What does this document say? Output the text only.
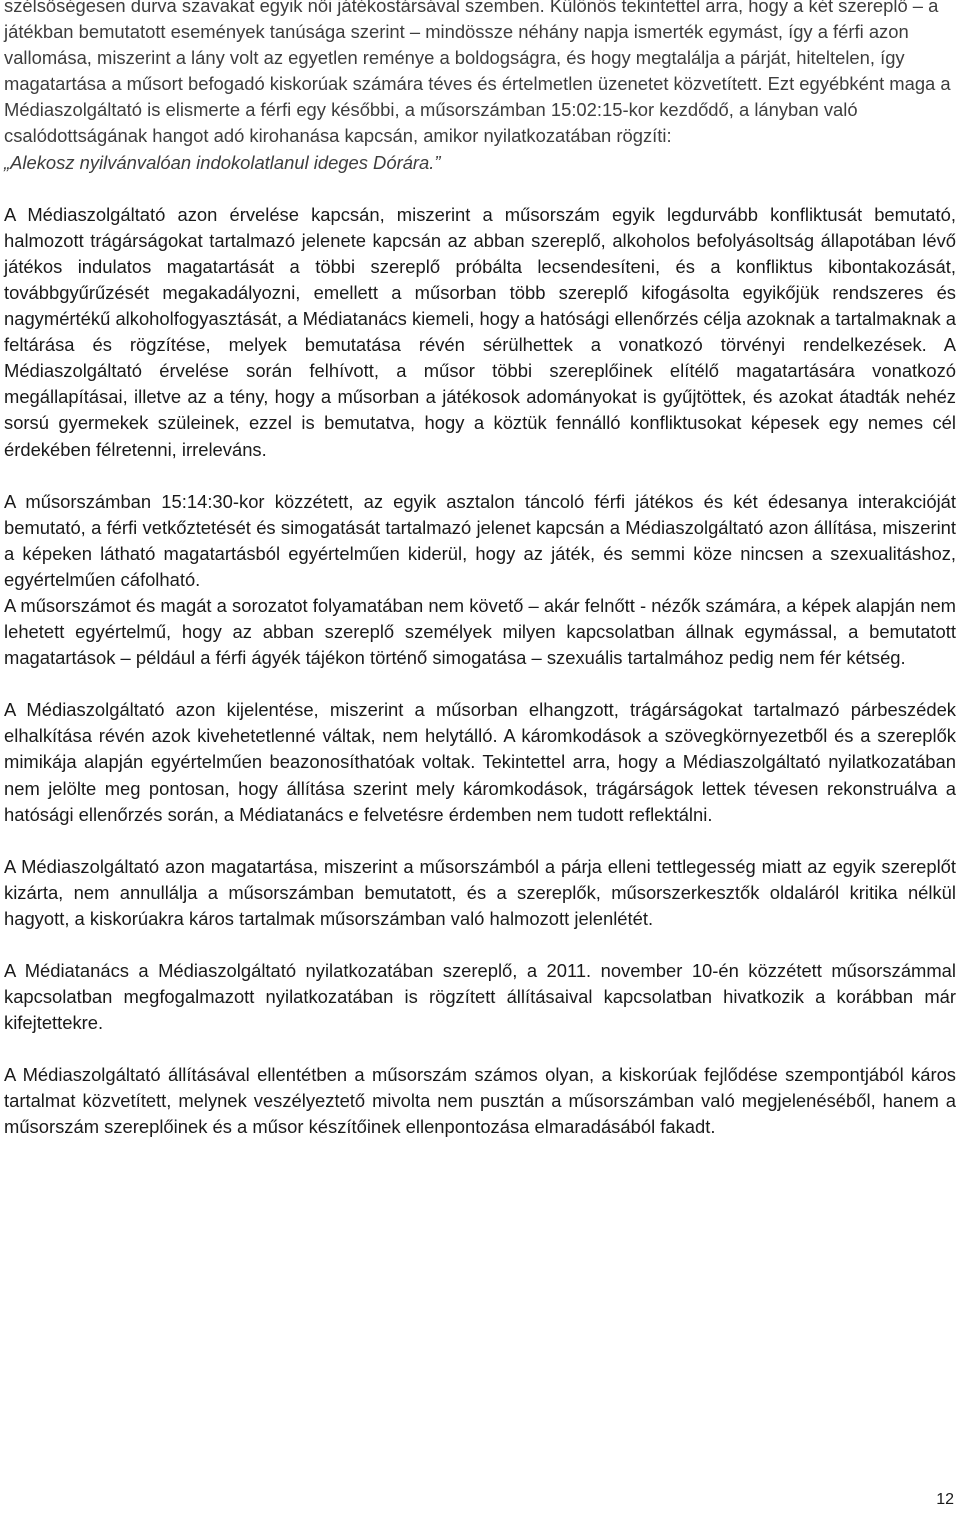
szélsőségesen durva szavakat egyik női játékostársával szemben. Különös tekintettel arra, hogy a két szereplő – a játékban bemutatott események tanúsága szerint – mindössze néhány napja ismerték egymást, így a férfi azon vallomása, miszerint a lány volt az egyetlen reménye a boldogságra, és hogy megtalálja a párját, hiteltelen, így magatartása a műsort befogadó kiskorúak számára téves és értelmetlen üzenetet közvetített. Ezt egyébként maga a Médiaszolgáltató is elismerte a férfi egy későbbi, a műsorszámban 15:02:15-kor kezdődő, a lányban való csalódottságának hangot adó kirohanása kapcsán, amikor nyilatkozatában rögzíti:

„Alekosz nyilvánvalóan indokolatlanul ideges Dórára.”

A Médiaszolgáltató azon érvelése kapcsán, miszerint a műsorszám egyik legdurvább konfliktusát bemutató, halmozott trágárságokat tartalmazó jelenete kapcsán az abban szereplő, alkoholos befolyásoltság állapotában lévő játékos indulatos magatartását a többi szereplő próbálta lecsendesíteni, és a konfliktus kibontakozását, továbbgyűrűzését megakadályozni, emellett a műsorban több szereplő kifogásolta egyikőjük rendszeres és nagymértékű alkoholfogyasztását, a Médiatanács kiemeli, hogy a hatósági ellenőrzés célja azoknak a tartalmaknak a feltárása és rögzítése, melyek bemutatása révén sérülhettek a vonatkozó törvényi rendelkezések. A Médiaszolgáltató érvelése során felhívott, a műsor többi szereplőinek elítélő magatartására vonatkozó megállapításai, illetve az a tény, hogy a műsorban a játékosok adományokat is gyűjtöttek, és azokat átadták nehéz sorsú gyermekek szüleinek, ezzel is bemutatva, hogy a köztük fennálló konfliktusokat képesek egy nemes cél érdekében félretenni, irreleváns.

A műsorszámban 15:14:30-kor közzétett, az egyik asztalon táncoló férfi játékos és két édesanya interakcióját bemutató, a férfi vetkőztetését és simogatását tartalmazó jelenet kapcsán a Médiaszolgáltató azon állítása, miszerint a képeken látható magatartásból egyértelműen kiderül, hogy az játék, és semmi köze nincsen a szexualitáshoz, egyértelműen cáfolható.

A műsorszámot és magát a sorozatot folyamatában nem követő – akár felnőtt - nézők számára, a képek alapján nem lehetett egyértelmű, hogy az abban szereplő személyek milyen kapcsolatban állnak egymással, a bemutatott magatartások – például a férfi ágyék tájékon történő simogatása – szexuális tartalmához pedig nem fér kétség.

A Médiaszolgáltató azon kijelentése, miszerint a műsorban elhangzott, trágárságokat tartalmazó párbeszédek elhalkítása révén azok kivehetetlenné váltak, nem helytálló. A káromkodások a szövegkörnyezetből és a szereplők mimikája alapján egyértelműen beazonosíthatóak voltak. Tekintettel arra, hogy a Médiaszolgáltató nyilatkozatában nem jelölte meg pontosan, hogy állítása szerint mely káromkodások, trágárságok lettek tévesen rekonstruálva a hatósági ellenőrzés során, a Médiatanács e felvetésre érdemben nem tudott reflektálni.

A Médiaszolgáltató azon magatartása, miszerint a műsorszámból a párja elleni tettlegesség miatt az egyik szereplőt kizárta, nem annullálja a műsorszámban bemutatott, és a szereplők, műsorszerkesztők oldaláról kritika nélkül hagyott, a kiskorúakra káros tartalmak műsorszámban való halmozott jelenlétét.

A Médiatanács a Médiaszolgáltató nyilatkozatában szereplő, a 2011. november 10-én közzétett műsorszámmal kapcsolatban megfogalmazott nyilatkozatában is rögzített állításaival kapcsolatban hivatkozik a korábban már kifejtettekre.

A Médiaszolgáltató állításával ellentétben a műsorszám számos olyan, a kiskorúak fejlődése szempontjából káros tartalmat közvetített, melynek veszélyeztető mivolta nem pusztán a műsorszámban való megjelenéséből, hanem a műsorszám szereplőinek és a műsor készítőinek ellenpontozása elmaradásából fakadt.

12
